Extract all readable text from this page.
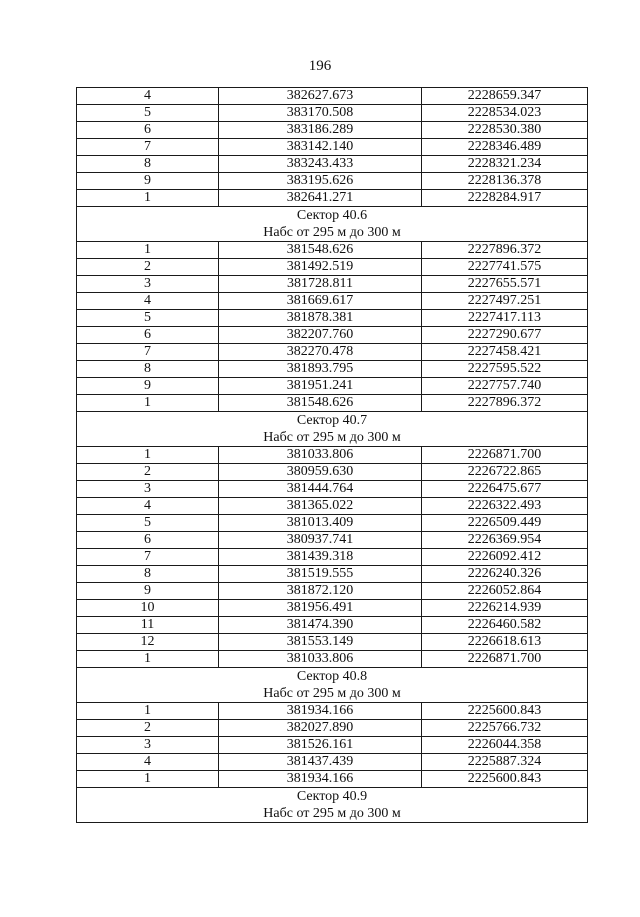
196
4	382627.673	2228659.347
5	383170.508	2228534.023
6	383186.289	2228530.380
7	383142.140	2228346.489
8	383243.433	2228321.234
9	383195.626	2228136.378
1	382641.271	2228284.917
Сектор 40.6		
Набс от 295 м до 300 м		
1	381548.626	2227896.372
2	381492.519	2227741.575
3	381728.811	2227655.571
4	381669.617	2227497.251
5	381878.381	2227417.113
6	382207.760	2227290.677
7	382270.478	2227458.421
8	381893.795	2227595.522
9	381951.241	2227757.740
1	381548.626	2227896.372
Сектор 40.7		
Набс от 295 м до 300 м		
1	381033.806	2226871.700
2	380959.630	2226722.865
3	381444.764	2226475.677
4	381365.022	2226322.493
5	381013.409	2226509.449
6	380937.741	2226369.954
7	381439.318	2226092.412
8	381519.555	2226240.326
9	381872.120	2226052.864
10	381956.491	2226214.939
11	381474.390	2226460.582
12	381553.149	2226618.613
1	381033.806	2226871.700
Сектор 40.8		
Набс от 295 м до 300 м		
1	381934.166	2225600.843
2	382027.890	2225766.732
3	381526.161	2226044.358
4	381437.439	2225887.324
1	381934.166	2225600.843
Сектор 40.9		
Набс от 295 м до 300 м		
